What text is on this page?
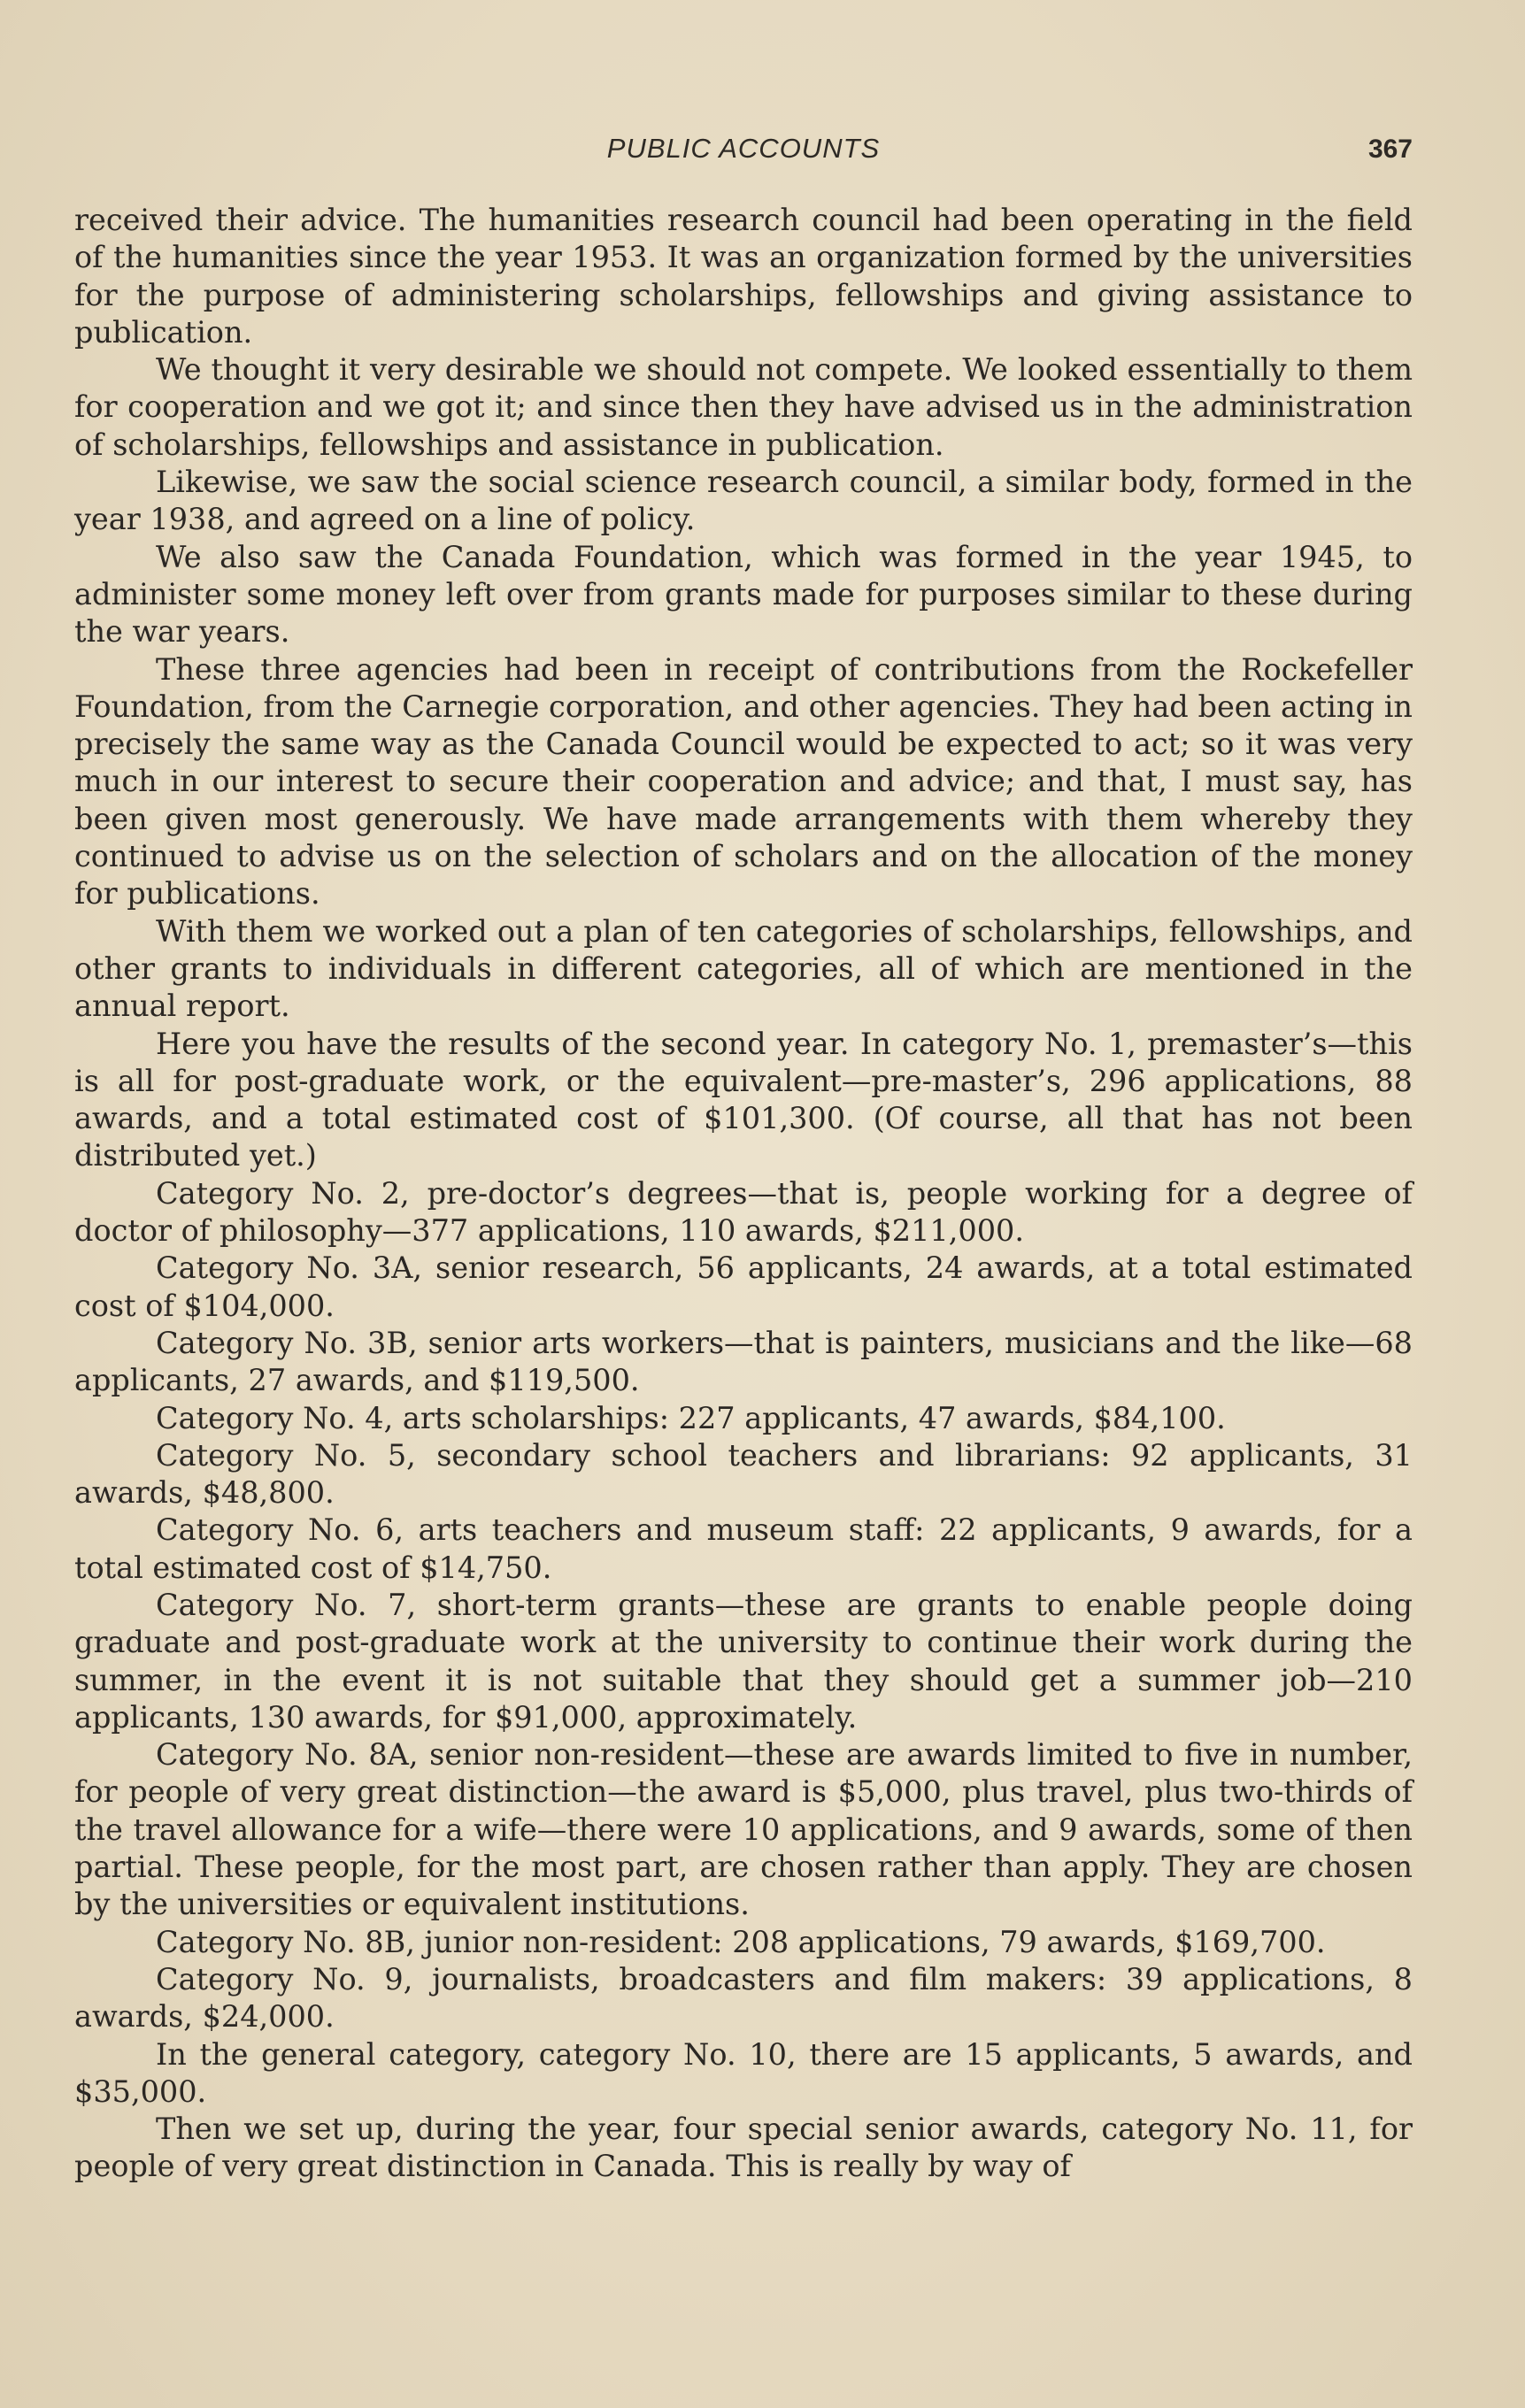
PUBLIC ACCOUNTS	367

received their advice. The humanities research council had been operating in the field of the humanities since the year 1953. It was an organization formed by the universities for the purpose of administering scholarships, fellowships and giving assistance to publication.

We thought it very desirable we should not compete. We looked essentially to them for cooperation and we got it; and since then they have advised us in the administration of scholarships, fellowships and assistance in publication.

Likewise, we saw the social science research council, a similar body, formed in the year 1938, and agreed on a line of policy.

We also saw the Canada Foundation, which was formed in the year 1945, to administer some money left over from grants made for purposes similar to these during the war years.

These three agencies had been in receipt of contributions from the Rockefeller Foundation, from the Carnegie corporation, and other agencies. They had been acting in precisely the same way as the Canada Council would be expected to act; so it was very much in our interest to secure their cooperation and advice; and that, I must say, has been given most generously. We have made arrangements with them whereby they continued to advise us on the selection of scholars and on the allocation of the money for publications.

With them we worked out a plan of ten categories of scholarships, fellowships, and other grants to individuals in different categories, all of which are mentioned in the annual report.

Here you have the results of the second year. In category No. 1, premaster’s—this is all for post-graduate work, or the equivalent—pre-master’s, 296 applications, 88 awards, and a total estimated cost of $101,300. (Of course, all that has not been distributed yet.)

Category No. 2, pre-doctor’s degrees—that is, people working for a degree of doctor of philosophy—377 applications, 110 awards, $211,000.

Category No. 3A, senior research, 56 applicants, 24 awards, at a total estimated cost of $104,000.

Category No. 3B, senior arts workers—that is painters, musicians and the like—68 applicants, 27 awards, and $119,500.

Category No. 4, arts scholarships: 227 applicants, 47 awards, $84,100.

Category No. 5, secondary school teachers and librarians: 92 applicants, 31 awards, $48,800.

Category No. 6, arts teachers and museum staff: 22 applicants, 9 awards, for a total estimated cost of $14,750.

Category No. 7, short-term grants—these are grants to enable people doing graduate and post-graduate work at the university to continue their work during the summer, in the event it is not suitable that they should get a summer job—210 applicants, 130 awards, for $91,000, approximately.

Category No. 8A, senior non-resident—these are awards limited to five in number, for people of very great distinction—the award is $5,000, plus travel, plus two-thirds of the travel allowance for a wife—there were 10 applications, and 9 awards, some of then partial. These people, for the most part, are chosen rather than apply. They are chosen by the universities or equivalent institutions.

Category No. 8B, junior non-resident: 208 applications, 79 awards, $169,700.

Category No. 9, journalists, broadcasters and film makers: 39 applications, 8 awards, $24,000.

In the general category, category No. 10, there are 15 applicants, 5 awards, and $35,000.

Then we set up, during the year, four special senior awards, category No. 11, for people of very great distinction in Canada. This is really by way of
